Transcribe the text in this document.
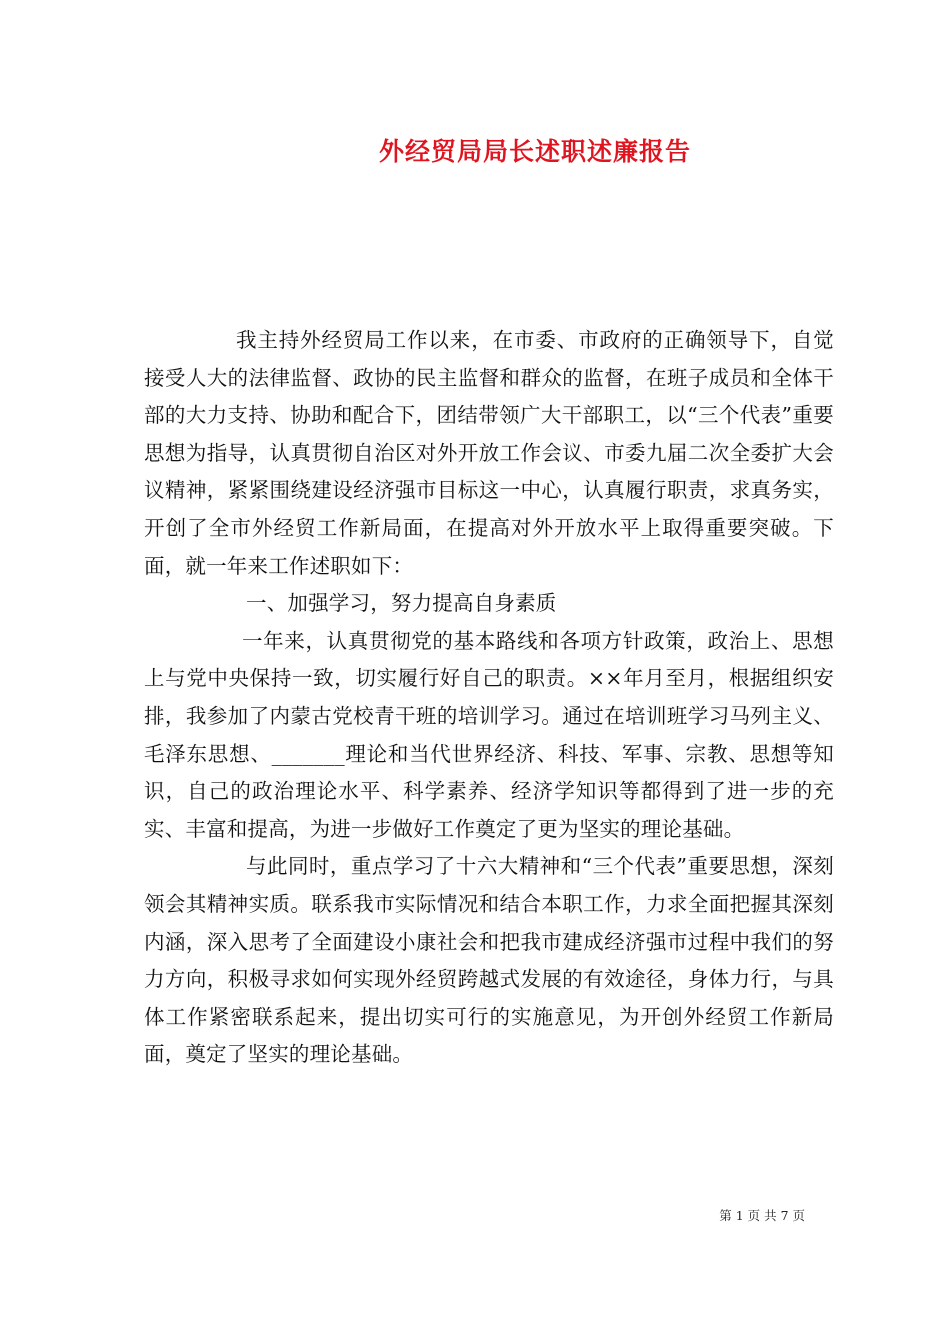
外经贸局局长述职述廉报告

我主持外经贸局工作以来，在市委、市政府的正确领导下，自觉接受人大的法律监督、政协的民主监督和群众的监督，在班子成员和全体干部的大力支持、协助和配合下，团结带领广大干部职工，以“三个代表”重要思想为指导，认真贯彻自治区对外开放工作会议、市委九届二次全委扩大会议精神，紧紧围绕建设经济强市目标这一中心，认真履行职责，求真务实，开创了全市外经贸工作新局面，在提高对外开放水平上取得重要突破。下面，就一年来工作述职如下：

一、加强学习，努力提高自身素质

一年来，认真贯彻党的基本路线和各项方针政策，政治上、思想上与党中央保持一致，切实履行好自己的职责。××年月至月，根据组织安排，我参加了内蒙古党校青干班的培训学习。通过在培训班学习马列主义、毛泽东思想、_______理论和当代世界经济、科技、军事、宗教、思想等知识，自己的政治理论水平、科学素养、经济学知识等都得到了进一步的充实、丰富和提高，为进一步做好工作奠定了更为坚实的理论基础。

与此同时，重点学习了十六大精神和“三个代表”重要思想，深刻领会其精神实质。联系我市实际情况和结合本职工作，力求全面把握其深刻内涵，深入思考了全面建设小康社会和把我市建成经济强市过程中我们的努力方向，积极寻求如何实现外经贸跨越式发展的有效途径，身体力行，与具体工作紧密联系起来，提出切实可行的实施意见，为开创外经贸工作新局面，奠定了坚实的理论基础。

第 1 页 共 7 页
